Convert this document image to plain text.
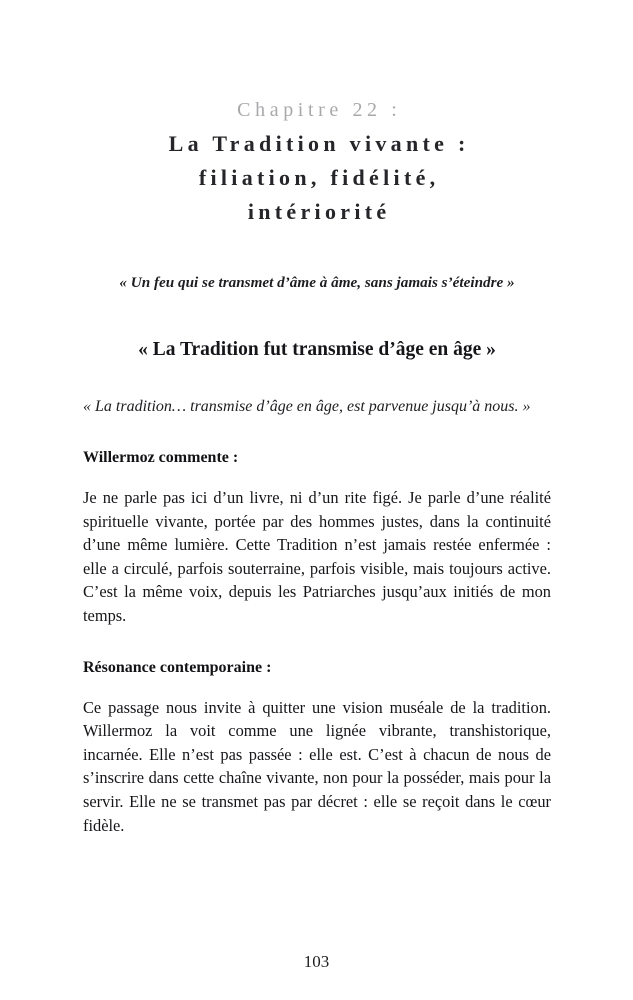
Chapitre 22 :
La Tradition vivante :
filiation, fidélité,
intériorité
« Un feu qui se transmet d’âme à âme, sans jamais s’éteindre »
« La Tradition fut transmise d’âge en âge »
« La tradition… transmise d’âge en âge, est parvenue jusqu’à nous. »
Willermoz commente :

Je ne parle pas ici d’un livre, ni d’un rite figé. Je parle d’une réalité spirituelle vivante, portée par des hommes justes, dans la continuité d’une même lumière. Cette Tradition n’est jamais restée enfermée : elle a circulé, parfois souterraine, parfois visible, mais toujours active. C’est la même voix, depuis les Patriarches jusqu’aux initiés de mon temps.

Résonance contemporaine :

Ce passage nous invite à quitter une vision muséale de la tradition. Willermoz la voit comme une lignée vibrante, transhistorique, incarnée. Elle n’est pas passée : elle est. C’est à chacun de nous de s’inscrire dans cette chaîne vivante, non pour la posséder, mais pour la servir. Elle ne se transmet pas par décret : elle se reçoit dans le cœur fidèle.

103
